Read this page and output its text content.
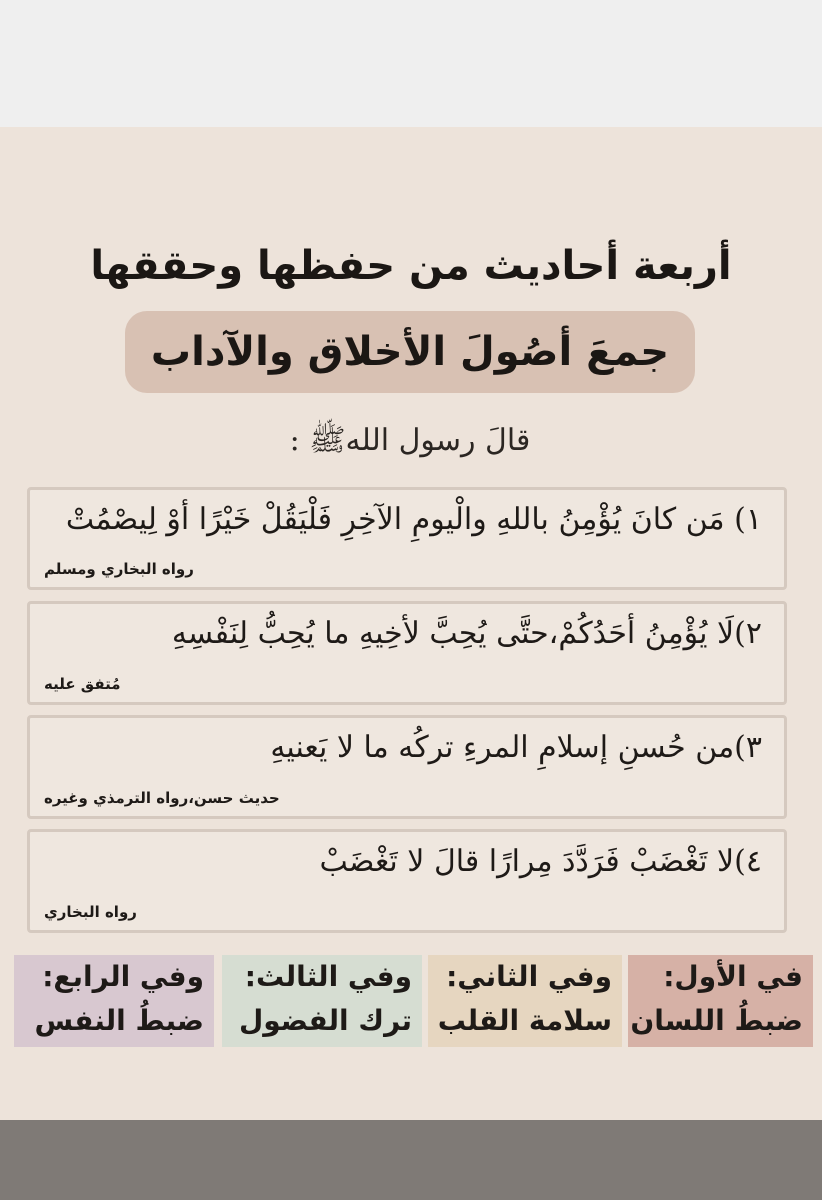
أربعة أحاديث من حفظها وحققها
جمعَ أصُولَ الأخلاق والآداب
قالَ رسول اللهﷺ :
١) مَن كانَ يُؤْمِنُ باللهِ والْيومِ الآخِرِ فَلْيَقُلْ خَيْرًا أوْ لِيصْمُتْ
رواه البخاري ومسلم
٢)لَا يُؤْمِنُ أحَدُكُمْ،حتَّى يُحِبَّ لأخِيهِ ما يُحِبُّ لِنَفْسِهِ
مُتفق عليه
٣)من حُسنِ إسلامِ المرءِ تركُه ما لا يَعنيهِ
حديث حسن،رواه الترمذي وغيره
٤)لا تَغْضَبْ فَرَدَّدَ مِرارًا قالَ لا تَغْضَبْ
رواه البخاري
في الأول:
ضبطُ اللسان
وفي الثاني:
سلامة القلب
وفي الثالث:
ترك الفضول
وفي الرابع:
ضبطُ النفس
